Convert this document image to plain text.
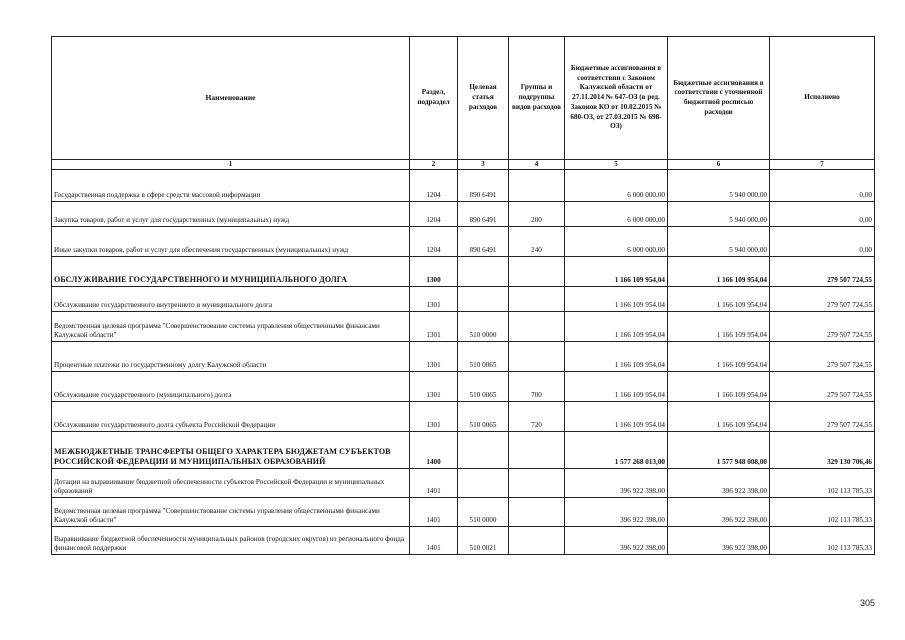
Наименование	Раздел, подраздел	Целевая статья расходов	Группы и подгруппы видов расходов	Бюджетные ассигнования в соответствии с Законом Калужской области от 27.11.2014 № 647-ОЗ (в ред. Законов КО от 10.02.2015 № 680-ОЗ, от 27.03.2015 № 698-ОЗ)	Бюджетные ассигнования в соответствии с уточненной бюджетной росписью расходов	Исполнено
1	2	3	4	5	6	7
Государственная поддержка в сфере средств массовой информации	1204	890 6491		6 000 000,00	5 940 000,00	0,00
Закупка товаров, работ и услуг для государственных (муниципальных) нужд	1204	890 6491	200	6 000 000,00	5 940 000,00	0,00
Иные закупки товаров, работ и услуг для обеспечения государственных (муниципальных) нужд	1204	890 6491	240	6 000 000,00	5 940 000,00	0,00
ОБСЛУЖИВАНИЕ ГОСУДАРСТВЕННОГО И МУНИЦИПАЛЬНОГО ДОЛГА	1300			1 166 109 954,04	1 166 109 954,04	279 507 724,55
Обслуживание государственного внутреннего и муниципального долга	1301			1 166 109 954,04	1 166 109 954,04	279 507 724,55
Ведомственная целевая программа "Совершенствование системы управления общественными финансами Калужской области"	1301	510 0000		1 166 109 954,04	1 166 109 954,04	279 507 724,55
Процентные платежи по государственному долгу Калужской области	1301	510 0065		1 166 109 954,04	1 166 109 954,04	279 507 724,55
Обслуживание государственного (муниципального) долга	1301	510 0065	700	1 166 109 954,04	1 166 109 954,04	279 507 724,55
Обслуживание государственного долга субъекта Российской Федерации	1301	510 0065	720	1 166 109 954,04	1 166 109 954,04	279 507 724,55
МЕЖБЮДЖЕТНЫЕ ТРАНСФЕРТЫ ОБЩЕГО ХАРАКТЕРА БЮДЖЕТАМ СУБЪЕКТОВ РОССИЙСКОЙ ФЕДЕРАЦИИ И МУНИЦИПАЛЬНЫХ ОБРАЗОВАНИЙ	1400			1 577 268 013,00	1 577 948 008,00	329 130 706,46
Дотации на выравнивание бюджетной обеспеченности субъектов Российской Федерации и муниципальных образований	1401			396 922 398,00	396 922 398,00	102 113 785,33
Ведомственная целевая программа "Совершенствование системы управления общественными финансами Калужской области"	1401	510 0000		396 922 398,00	396 922 398,00	102 113 785,33
Выравнивание бюджетной обеспеченности муниципальных районов (городских округов) из регионального фонда финансовой поддержки	1401	510 0021		396 922 398,00	396 922 398,00	102 113 785,33
305
